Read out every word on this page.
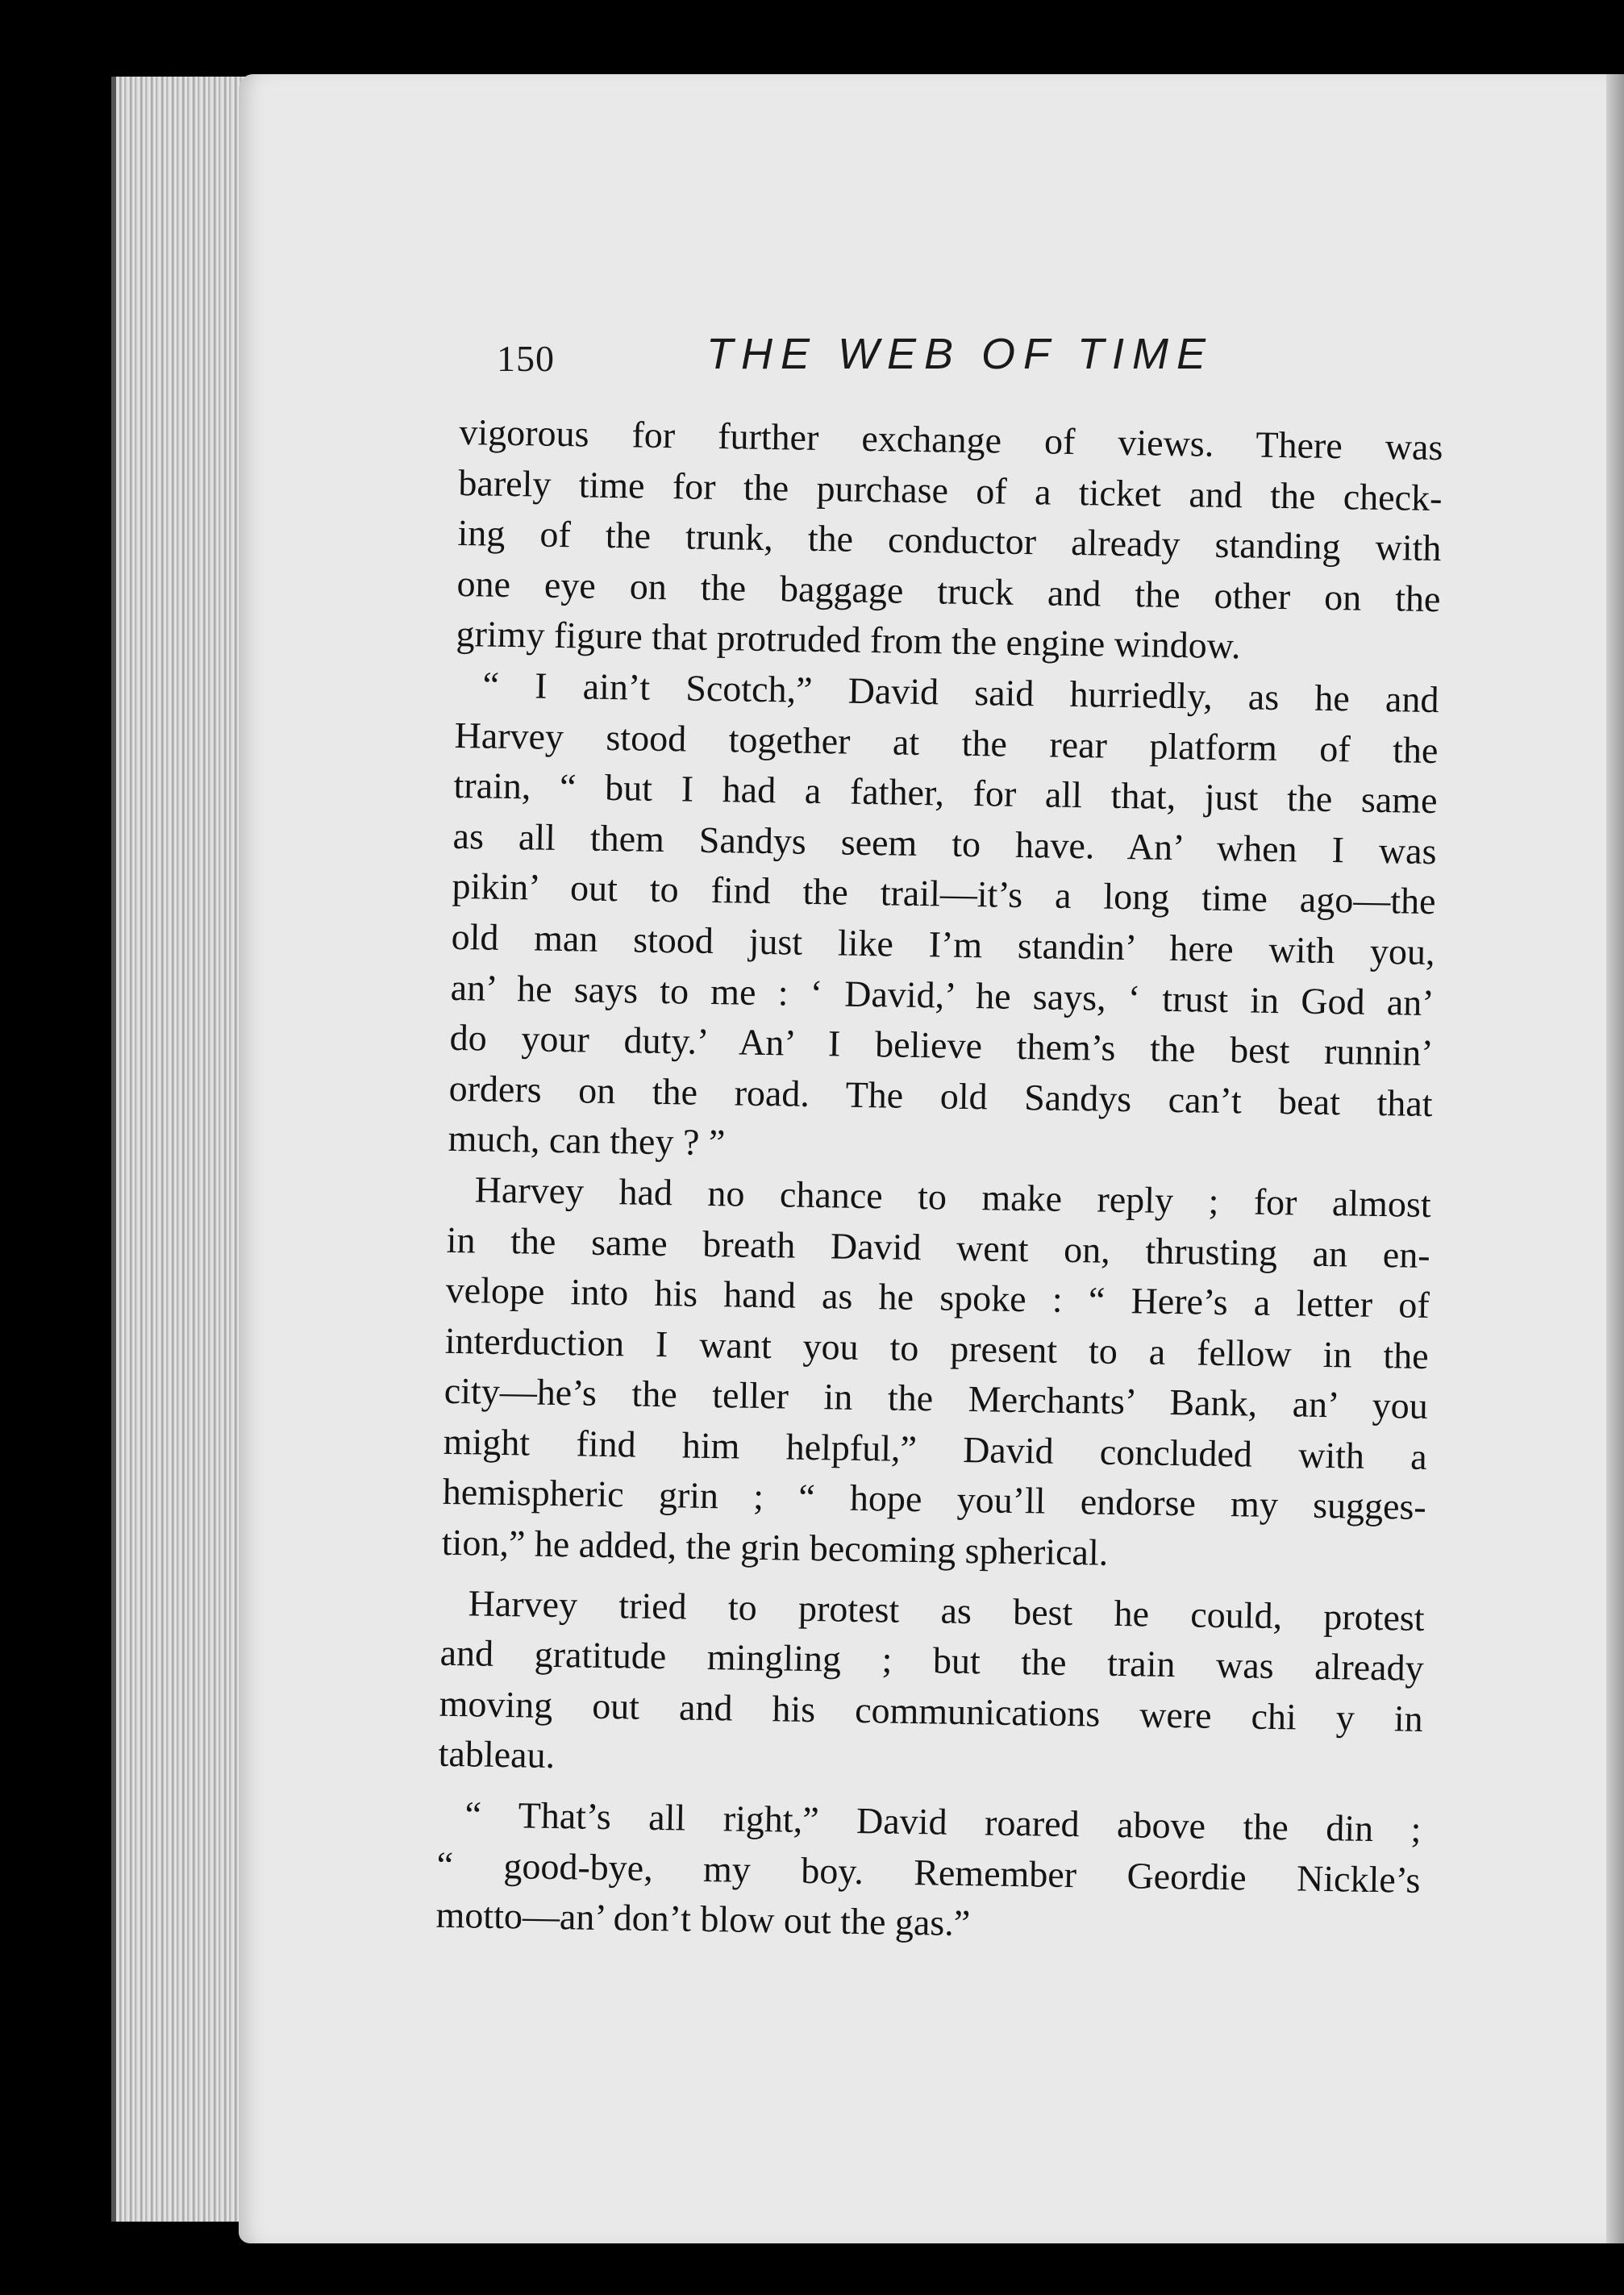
150	THE WEB OF TIME
vigorous for further exchange of views. There was
barely time for the purchase of a ticket and the check-
ing of the trunk, the conductor already standing with
one eye on the baggage truck and the other on the
grimy figure that protruded from the engine window.
“ I ain’t Scotch,” David said hurriedly, as he and
Harvey stood together at the rear platform of the
train, “ but I had a father, for all that, just the same
as all them Sandys seem to have. An’ when I was
pikin’ out to find the trail—it’s a long time ago—the
old man stood just like I’m standin’ here with you,
an’ he says to me : ‘ David,’ he says, ‘ trust in God an’
do your duty.’ An’ I believe them’s the best runnin’
orders on the road. The old Sandys can’t beat that
much, can they ? ”
Harvey had no chance to make reply ; for almost
in the same breath David went on, thrusting an en-
velope into his hand as he spoke : “ Here’s a letter of
interduction I want you to present to a fellow in the
city—he’s the teller in the Merchants’ Bank, an’ you
might find him helpful,” David concluded with a
hemispheric grin ; “ hope you’ll endorse my sugges-
tion,” he added, the grin becoming spherical.
Harvey tried to protest as best he could, protest
and gratitude mingling ; but the train was already
moving out and his communications were chi y in
tableau.
“ That’s all right,” David roared above the din ;
“ good-bye, my boy. Remember Geordie Nickle’s
motto—an’ don’t blow out the gas.”
